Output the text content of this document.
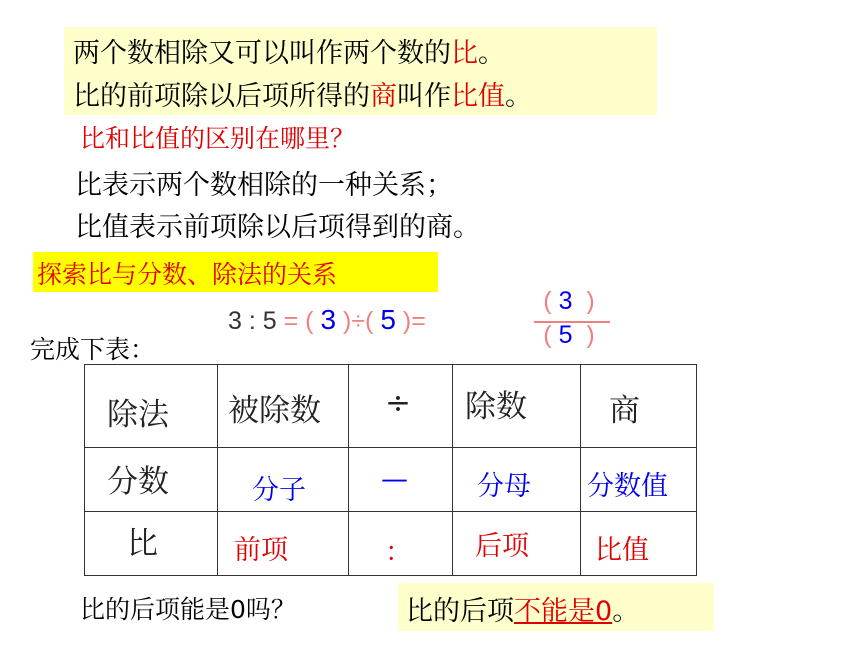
两个数相除又可以叫作两个数的比。
比的前项除以后项所得的商叫作比值。
比和比值的区别在哪里？
比表示两个数相除的一种关系；
比值表示前项除以后项得到的商。
探索比与分数、除法的关系
完成下表：
3 : 5 = ( 3 )÷( 5 )=
( 3 )
( 5 )
除法	被除数	÷	除数	商

分数	分子	—	分母	分数值

比	前项	：	后项	比值
比的后项能是0吗？	比的后项不能是0。
